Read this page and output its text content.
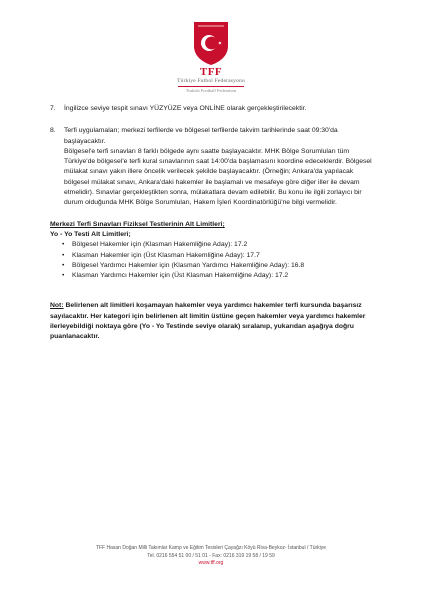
TFF
Türkiye Futbol Federasyonu
Turkish Football Federation
7.	İngilizce seviye tespit sınavı YÜZYÜZE veya ONLİNE olarak gerçekleştirilecektir.
8.	Terfi uygulamaları; merkezi terfilerde ve bölgesel terfilerde takvim tarihlerinde saat 09:30'da başlayacaktır.

Bölgesel'e terfi sınavları 8 farklı bölgede aynı saatte başlayacaktır. MHK Bölge Sorumluları tüm Türkiye'de bölgesel'e terfi kural sınavlarının saat 14:00'da başlamasını koordine edeceklerdir. Bölgesel mülakat sınavı yakın illere öncelik verilecek şekilde başlayacaktır. (Örneğin; Ankara'da yapılacak bölgesel mülakat sınavı, Ankara'daki hakemler ile başlamalı ve mesafeye göre diğer iller ile devam etmelidir). Sınavlar gerçekleştikten sonra, mülakatlara devam edilebilir. Bu konu ile ilgili zorlayıcı bir durum olduğunda MHK Bölge Sorumluları, Hakem İşleri Koordinatörlüğü'ne bilgi vermelidir.

Merkezi Terfi Sınavları Fiziksel Testlerinin Alt Limitleri;
Yo - Yo Testi Alt Limitleri;
•	Bölgesel Hakemler için (Klasman Hakemliğine Aday): 17.2
•	Klasman Hakemler için (Üst Klasman Hakemliğine Aday): 17.7
•	Bölgesel Yardımcı Hakemler için (Klasman Yardımcı Hakemliğine Aday): 16.8
•	Klasman Yardımcı Hakemler için (Üst Klasman Hakemliğine Aday): 17.2

Not: Belirlenen alt limitleri koşamayan hakemler veya yardımcı hakemler terfi kursunda başarısız sayılacaktır. Her kategori için belirlenen alt limitin üstüne geçen hakemler veya yardımcı hakemler ilerleyebildiği noktaya göre (Yo - Yo Testinde seviye olarak) sıralanıp, yukarıdan aşağıya doğru puanlanacaktır.

TFF Hasan Doğan Milli Takımlar Kamp ve Eğitim Tesisleri Çayağzı Köyü Riva-Beykoz- İstanbul / Türkiye
Tel. 0216 554 51 00 / 51 01 - Fax: 0216 319 19 58 / 19 59
www.tff.org
